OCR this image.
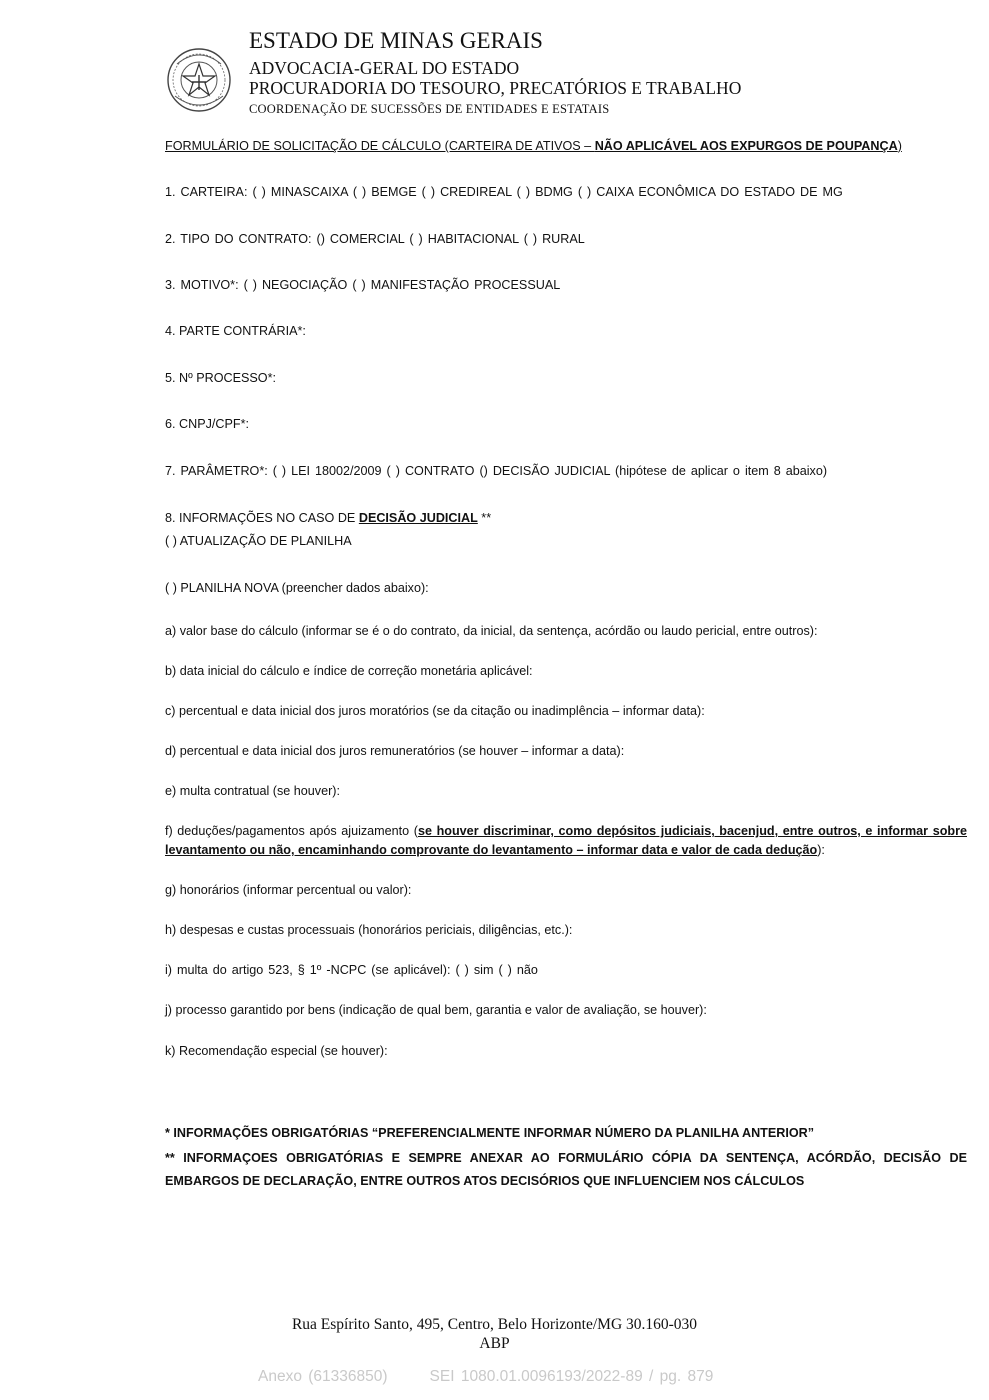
ESTADO DE MINAS GERAIS
ADVOCACIA-GERAL DO ESTADO
PROCURADORIA DO TESOURO, PRECATÓRIOS E TRABALHO
COORDENAÇÃO DE SUCESSÕES DE ENTIDADES E ESTATAIS
FORMULÁRIO DE SOLICITAÇÃO DE CÁLCULO (CARTEIRA DE ATIVOS – NÃO APLICÁVEL AOS EXPURGOS DE POUPANÇA)
1. CARTEIRA: ( ) MINASCAIXA ( ) BEMGE ( ) CREDIREAL ( ) BDMG ( ) CAIXA ECONÔMICA DO ESTADO DE MG
2. TIPO DO CONTRATO: () COMERCIAL ( ) HABITACIONAL ( ) RURAL
3. MOTIVO*: ( ) NEGOCIAÇÃO ( ) MANIFESTAÇÃO PROCESSUAL
4. PARTE CONTRÁRIA*:
5. Nº PROCESSO*:
6. CNPJ/CPF*:
7. PARÂMETRO*: ( ) LEI 18002/2009 ( ) CONTRATO () DECISÃO JUDICIAL (hipótese de aplicar o item 8 abaixo)
8. INFORMAÇÕES NO CASO DE DECISÃO JUDICIAL **
( ) ATUALIZAÇÃO DE PLANILHA
( ) PLANILHA NOVA (preencher dados abaixo):
a) valor base do cálculo (informar se é o do contrato, da inicial, da sentença, acórdão ou laudo pericial, entre outros):
b) data inicial do cálculo e índice de correção monetária aplicável:
c) percentual e data inicial dos juros moratórios (se da citação ou inadimplência – informar data):
d) percentual e data inicial dos juros remuneratórios (se houver – informar a data):
e) multa contratual (se houver):
f) deduções/pagamentos após ajuizamento (se houver discriminar, como depósitos judiciais, bacenjud, entre outros, e informar sobre levantamento ou não, encaminhando comprovante do levantamento – informar data e valor de cada dedução):
g) honorários (informar percentual ou valor):
h) despesas e custas processuais (honorários periciais, diligências, etc.):
i) multa do artigo 523, § 1º -NCPC (se aplicável): ( ) sim ( ) não
j) processo garantido por bens (indicação de qual bem, garantia e valor de avaliação, se houver):
k) Recomendação especial (se houver):
* INFORMAÇÕES OBRIGATÓRIAS “PREFERENCIALMENTE INFORMAR NÚMERO DA PLANILHA ANTERIOR”
** INFORMAÇOES OBRIGATÓRIAS E SEMPRE ANEXAR AO FORMULÁRIO CÓPIA DA SENTENÇA, ACÓRDÃO, DECISÃO DE EMBARGOS DE DECLARAÇÃO, ENTRE OUTROS ATOS DECISÓRIOS QUE INFLUENCIEM NOS CÁLCULOS
Rua Espírito Santo, 495, Centro, Belo Horizonte/MG 30.160-030
ABP
Anexo (61336850)	SEI 1080.01.0096193/2022-89 / pg. 879
